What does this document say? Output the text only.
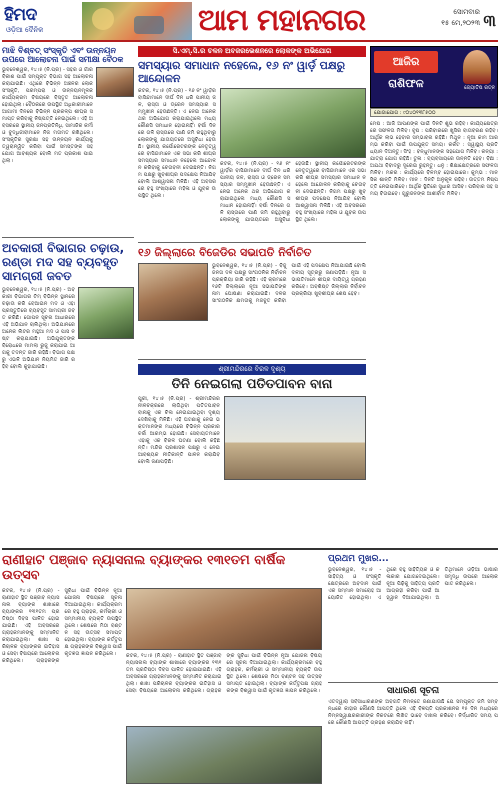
ହିମଦ
ଓଡ଼ିଆ ଦୈନିକ	ଆମ ମହାନଗର	ସୋମବାର
୧୫ ମେ,୨୦୨୩ ୩
ମାଝି ବିଶ୍ବତ୍ ସଂସ୍କୃତି ଏବଂ ଉନ୍ନୟନ ଉପରେ ଆଲୋଚନା ପାଇଁ ସମୀକ୍ଷା ବୈଠକ
ଭୁବନେଶ୍ୱର, ୧୪।୫ (ନି.ପ୍ର) - ସହର ଓ ଗାଁର ବିକାଶ ପାଇଁ ସମ୍ପୃକ୍ତ ବିଭାଗ ସହ ଆଲୋଚନା କରାଯାଇଛି। ଏଥିରେ ବିଭିନ୍ନ ଅଞ୍ଚଳର ଲୋକସଂସ୍କୃତି, ପରମ୍ପରା ଓ ଉନ୍ନୟନମୂଳକ କାର୍ଯ୍ୟକ୍ରମ ବିଷୟରେ ବିସ୍ତୃତ ଆଲୋଚନା ହୋଇଥିଲା। ବୈଠକରେ ଉପସ୍ଥିତ ଅଧିକାରୀମାନେ ଆଗାମୀ ଦିନରେ ବିଭିନ୍ନ ପ୍ରକଳ୍ପ ଶୀଘ୍ର ସମାପ୍ତ କରିବାକୁ ନିଷ୍ପତ୍ତି ନେଇଥିଲେ। ଏହି ଅବସରରେ ସ୍ଥାନୀୟ ଜନପ୍ରତିନିଧି, ସାମାଜିକ କର୍ମୀ ଓ ବୁଦ୍ଧିଜୀବୀମାନେ ନିଜ ମତାମତ ରଖିଥିଲେ। ସଂସ୍କୃତିର ସୁରକ୍ଷା ସହ ଉନ୍ନୟନ କାର୍ଯ୍ୟକୁ ତ୍ୱରାନ୍ୱିତ କରିବା ପାଇଁ ସମସ୍ତଙ୍କ ସହଯୋଗ ଆବଶ୍ୟକ ବୋଲି ମତ ପ୍ରକାଶ ପାଇଥିଲା।
ଅବକାରୀ ବିଭାଗର ଚଢ଼ାଉ, ରଣ୍ଡା ମଦ ସହ ବ୍ୟବହୃତ ସାମଗ୍ରୀ ଜବତ
ଭୁବନେଶ୍ୱର, ୧୪।୫ (ନି.ପ୍ର) - ଅବକାରୀ ବିଭାଗର ଟିମ୍ ବିଭିନ୍ନ ସ୍ଥାନରେ ଚଢ଼ାଉ କରି ବେଆଇନ ମଦ ଓ ଏହା ପ୍ରସ୍ତୁତିରେ ବ୍ୟବହୃତ ସାମଗ୍ରୀ ଜବତ କରିଛି। ଗୋପନ ସୂଚନା ଆଧାରରେ ଏହି ଅଭିଯାନ ଚାଲିଥିଲା। ଅଭିଯାନରେ ଅନେକ ଲିଟର ମହୁଆ ମଦ ଓ ପାସ ନଷ୍ଟ କରାଯାଇଛି। ଅଭିଯୁକ୍ତଙ୍କ ବିରୋଧରେ ମାମଲା ରୁଜୁ କରାଯାଇ ଆଗକୁ ତଦନ୍ତ ଜାରି ରହିଛି। ବିଭାଗ ପକ୍ଷରୁ ଏଭଳି ଅଭିଯାନ ନିୟମିତ ଜାରି ରହିବ ବୋଲି କୁହାଯାଇଛି।
ସି.ଏମ୍.ସି.ର ଚଳନ ଅବଜରଭେଶନରେ ଲୋକଙ୍କ ଅଭିଯୋଗ
ସମସ୍ୟାର ସମାଧାନ ନହେଲେ, ୧୬ ନଂ ୱାର୍ଡ଼ ପକ୍ଷରୁ ଆନ୍ଦୋଳନ
କଟକ, ୧୪।୫ (ନି.ପ୍ର) - ୧୬ ନଂ ୱାର୍ଡ଼ର ବାସିନ୍ଦାମାନେ ଦୀର୍ଘ ଦିନ ଧରି ପାନୀୟ ଜଳ, ରାସ୍ତା ଓ ଡ୍ରେନ ସମସ୍ୟାର ସମ୍ମୁଖୀନ ହେଉଛନ୍ତି। ଏ ନେଇ ଅନେକ ଥର ଅଭିଯୋଗ କରାଯାଇଥିଲେ ମଧ୍ୟ କୌଣସି ସମାଧାନ ହୋଇନାହିଁ। ବର୍ଷା ଦିନରେ ଗଳି ରାସ୍ତାରେ ପାଣି ଜମି ରହୁଥିବାରୁ ଲୋକଙ୍କୁ ଯାତାୟତରେ ଅସୁବିଧା ହେଉଛି। ସ୍ଥାନୀୟ କର୍ପୋରେଟରଙ୍କ ନେତୃତ୍ୱରେ ବାସିନ୍ଦାମାନେ ଏକ ସଭା କରି ଶୀଘ୍ର ସମସ୍ୟାର ସମାଧାନ ନହେଲେ ଆନ୍ଦୋଳନ କରିବାକୁ ଚେତାବନୀ ଦେଇଛନ୍ତି। ନିଗମ ପକ୍ଷରୁ ଖୁବଶୀଘ୍ର ପଦକ୍ଷେପ ନିଆଯିବ ବୋଲି ଆଶ୍ୱାସନା ମିଳିଛି। ଏହି ଅବସରରେ ବହୁ ସଂଖ୍ୟାରେ ମହିଳା ଓ ଯୁବକ ଉପସ୍ଥିତ ଥିଲେ।
କଟକ, ୧୪।୫ (ନି.ପ୍ର) - ୧୬ ନଂ ୱାର୍ଡ଼ର ବାସିନ୍ଦାମାନେ ଦୀର୍ଘ ଦିନ ଧରି ପାନୀୟ ଜଳ, ରାସ୍ତା ଓ ଡ୍ରେନ ସମସ୍ୟାର ସମ୍ମୁଖୀନ ହେଉଛନ୍ତି। ଏ ନେଇ ଅନେକ ଥର ଅଭିଯୋଗ କରାଯାଇଥିଲେ ମଧ୍ୟ କୌଣସି ସମାଧାନ ହୋଇନାହିଁ। ବର୍ଷା ଦିନରେ ଗଳି ରାସ୍ତାରେ ପାଣି ଜମି ରହୁଥିବାରୁ ଲୋକଙ୍କୁ ଯାତାୟତରେ ଅସୁବିଧା ହେଉଛି। ସ୍ଥାନୀୟ କର୍ପୋରେଟରଙ୍କ ନେତୃତ୍ୱରେ ବାସିନ୍ଦାମାନେ ଏକ ସଭା କରି ଶୀଘ୍ର ସମସ୍ୟାର ସମାଧାନ ନହେଲେ ଆନ୍ଦୋଳନ କରିବାକୁ ଚେତାବନୀ ଦେଇଛନ୍ତି। ନିଗମ ପକ୍ଷରୁ ଖୁବଶୀଘ୍ର ପଦକ୍ଷେପ ନିଆଯିବ ବୋଲି ଆଶ୍ୱାସନା ମିଳିଛି। ଏହି ଅବସରରେ ବହୁ ସଂଖ୍ୟାରେ ମହିଳା ଓ ଯୁବକ ଉପସ୍ଥିତ ଥିଲେ।
୧୬ ଜିଲ୍ଲାରେ ବିଜେଡିର ସଭାପତି ନିର୍ବାଚିତ
ଭୁବନେଶ୍ୱର, ୧୪।୫ (ନି.ପ୍ର) - ବିଜୁ ଜନତା ଦଳ ପକ୍ଷରୁ ସାଂଗଠନିକ ନିର୍ବାଚନ ପ୍ରକ୍ରିୟା ଜାରି ରହିଛି। ଏହି କ୍ରମରେ ୧୬ଟି ଜିଲ୍ଲାରେ ନୂଆ ସଭାପତିଙ୍କ ନାମ ଘୋଷଣା କରାଯାଇଛି। ଦଳର ସାଂଗଠନିକ କ୍ଷମତାକୁ ମଜବୁତ କରିବା ପାଇଁ ଏହି ପଦକ୍ଷେପ ନିଆଯାଇଛି ବୋଲି ଦଳୀୟ ସୂତ୍ରରୁ ଜଣାପଡ଼ିଛି। ନୂଆ ସଭାପତିମାନେ ଶୀଘ୍ର ଦାୟିତ୍ୱ ଗ୍ରହଣ କରିବେ। ଅବଶିଷ୍ଟ ଜିଲ୍ଲାର ନିର୍ବାଚନ ପ୍ରକ୍ରିୟା ଖୁବଶୀଘ୍ର ଶେଷ ହେବ।
ଶ୍ରୀମନ୍ଦିରରେ ବିରଳ ଦୃଶ୍ୟ
ତିନି ନେଇଗଲା ପତିତପାବନ ବାନା
ପୁରୀ, ୧୪।୫ (ନି.ପ୍ର) - ଶ୍ରୀମନ୍ଦିରର ନୀଳଚକ୍ରରେ ଲାଗିଥିବା ପତିତପାବନ ବାନାକୁ ଏକ ଚିଲ ନେଇଯାଇଥିବା ଦୃଶ୍ୟ ଦେଖିବାକୁ ମିଳିଛି। ଏହି ଘଟଣାକୁ ନେଇ ଭକ୍ତମାନଙ୍କ ମଧ୍ୟରେ ବିଭିନ୍ନ ପ୍ରକାର ଚର୍ଚ୍ଚା ଆରମ୍ଭ ହୋଇଛି। ସେବାୟତମାନେ ଏହାକୁ ଏକ ବିରଳ ଘଟଣା ବୋଲି କହିଛନ୍ତି। ମନ୍ଦିର ପ୍ରଶାସନ ପକ୍ଷରୁ ଏ ନେଇ ଆବଶ୍ୟକ ନୀତିକାନ୍ତି ପାଳନ କରାଯିବ ବୋଲି ଜଣାପଡ଼ିଛି।
ଆଜିର ରାଶିଫଳ	ଜ୍ୟୋତିଷ ରତ୍ନ
ଯୋଗାଯୋଗ : ୯୦୪୦୧୩୮୫୦୦
ମେଷ : ଆଜି ଆପଣଙ୍କ ପାଇଁ ଦିନଟି ଶୁଭ ରହିବ। କାର୍ଯ୍ୟକ୍ଷେତ୍ରରେ ସଫଳତା ମିଳିବ। ବୃଷ : ପରିବାରରେ ଖୁସିର ବାତାବରଣ ରହିବ। ଆର୍ଥିକ ଲାଭ ହେବାର ସମ୍ଭାବନା ରହିଛି। ମିଥୁନ : ନୂଆ କାମ ଆରମ୍ଭ କରିବା ପାଇଁ ଉପଯୁକ୍ତ ସମୟ। କର୍କଟ : ସ୍ୱାସ୍ଥ୍ୟ ପ୍ରତି ଧ୍ୟାନ ଦିଅନ୍ତୁ। ସିଂହ : ବନ୍ଧୁମାନଙ୍କ ସହଯୋଗ ମିଳିବ। କନ୍ୟା : ଯାତ୍ରା ଯୋଗ ରହିଛି। ତୁଳା : ବ୍ୟବସାୟରେ ଉନ୍ନତି ହେବ। ବିଛା : ଅଯଥା ବିବାଦରୁ ଦୂରେଇ ରୁହନ୍ତୁ। ଧନୁ : ଶିକ୍ଷାକ୍ଷେତ୍ରରେ ସଫଳତା ମିଳିବ। ମକର : କାର୍ଯ୍ୟରେ ବିଳମ୍ବ ହୋଇପାରେ। କୁମ୍ଭ : ମାନସିକ ଶାନ୍ତି ମିଳିବ। ମୀନ : ଦିନଟି ଅନୁକୂଳ ରହିବ। ଉତ୍ତମ ନିଷ୍ପତ୍ତି ନେଇପାରିବେ। ଆର୍ଥିକ ସ୍ଥିତିରେ ସୁଧାର ଆସିବ। ପରିବାର ସହ ସମୟ ବିତାଇବେ। ଗୁରୁଜନଙ୍କ ଆଶୀର୍ବାଦ ମିଳିବ।
ରାଣୀହାଟ ପଞ୍ଜାବ ନ୍ୟାସନାଲ ବ୍ୟାଙ୍କର ୧୩୧ତମ ବାର୍ଷିକ ଉତ୍ସବ
କଟକ, ୧୪।୫ (ନି.ପ୍ର) - ରାଣୀହାଟ ସ୍ଥିତ ପଞ୍ଜାବ ନ୍ୟାସନାଲ ବ୍ୟାଙ୍କ ଶାଖାରେ ବ୍ୟାଙ୍କର ୧୩୧ତମ ପ୍ରତିଷ୍ଠା ଦିବସ ପାଳିତ ହୋଇଯାଇଛି। ଏହି ଅବସରରେ ଗ୍ରାହକମାନଙ୍କୁ ସମ୍ମାନିତ କରାଯାଇଥିଲା। ଶାଖା ପରିଚାଳକ ବ୍ୟାଙ୍କର ଇତିହାସ ଓ ସେବା ବିଷୟରେ ଆଲୋଚନା କରିଥିଲେ। ଗ୍ରାହକଙ୍କ ସୁବିଧା ପାଇଁ ବିଭିନ୍ନ ନୂଆ ଯୋଜନା ବିଷୟରେ ସୂଚନା ଦିଆଯାଇଥିଲା। କାର୍ଯ୍ୟକ୍ରମରେ ବହୁ ଗ୍ରାହକ, କର୍ମଚାରୀ ଓ ସମ୍ମାନୀୟ ବ୍ୟକ୍ତି ଉପସ୍ଥିତ ଥିଲେ। ଶେଷରେ ମିଠା ବଣ୍ଟନ ସହ ଉତ୍ସବ ସମାପ୍ତ ହୋଇଥିଲା। ବ୍ୟାଙ୍କ କର୍ତ୍ତୃପକ୍ଷ ଗ୍ରାହକଙ୍କ ବିଶ୍ୱାସ ପାଇଁ କୃତଜ୍ଞତା ଜ୍ଞାପନ କରିଥିଲେ।	କଟକ, ୧୪।୫ (ନି.ପ୍ର) - ରାଣୀହାଟ ସ୍ଥିତ ପଞ୍ଜାବ ନ୍ୟାସନାଲ ବ୍ୟାଙ୍କ ଶାଖାରେ ବ୍ୟାଙ୍କର ୧୩୧ତମ ପ୍ରତିଷ୍ଠା ଦିବସ ପାଳିତ ହୋଇଯାଇଛି। ଏହି ଅବସରରେ ଗ୍ରାହକମାନଙ୍କୁ ସମ୍ମାନିତ କରାଯାଇଥିଲା। ଶାଖା ପରିଚାଳକ ବ୍ୟାଙ୍କର ଇତିହାସ ଓ ସେବା ବିଷୟରେ ଆଲୋଚନା କରିଥିଲେ। ଗ୍ରାହକଙ୍କ ସୁବିଧା ପାଇଁ ବିଭିନ୍ନ ନୂଆ ଯୋଜନା ବିଷୟରେ ସୂଚନା ଦିଆଯାଇଥିଲା। କାର୍ଯ୍ୟକ୍ରମରେ ବହୁ ଗ୍ରାହକ, କର୍ମଚାରୀ ଓ ସମ୍ମାନୀୟ ବ୍ୟକ୍ତି ଉପସ୍ଥିତ ଥିଲେ। ଶେଷରେ ମିଠା ବଣ୍ଟନ ସହ ଉତ୍ସବ ସମାପ୍ତ ହୋଇଥିଲା। ବ୍ୟାଙ୍କ କର୍ତ୍ତୃପକ୍ଷ ଗ୍ରାହକଙ୍କ ବିଶ୍ୱାସ ପାଇଁ କୃତଜ୍ଞତା ଜ୍ଞାପନ କରିଥିଲେ।
ପ୍ରଥମ ମୁଖର...
ଭୁବନେଶ୍ୱର, ୧୪।୫ - ସାହିତ୍ୟ ଓ ସଂସ୍କୃତି କ୍ଷେତ୍ରରେ ଅବଦାନ ପାଇଁ ଏକ ସମ୍ମାନ ସମାରୋହ ଆୟୋଜିତ ହୋଇଥିଲା। ଏଥିରେ ବହୁ ସାହିତ୍ୟିକ ଓ କଳାକାର ଯୋଗଦେଇଥିଲେ। ନୂଆ ପିଢ଼ିକୁ ସାହିତ୍ୟ ପ୍ରତି ଆଗ୍ରହୀ କରିବା ପାଇଁ ଆହ୍ୱାନ ଦିଆଯାଇଥିଲା। ଅତିଥିମାନେ ଓଡ଼ିଆ ଭାଷାର ସମୃଦ୍ଧି ଉପରେ ଆଲୋକପାତ କରିଥିଲେ।
ସାଧାରଣ ସୂଚନା
ଏତଦ୍ୱାରା ସର୍ବସାଧାରଣଙ୍କ ଅବଗତି ନିମନ୍ତେ ଜଣାଯାଉଛି ଯେ ସମ୍ପୃକ୍ତ ଜମି ସମ୍ବନ୍ଧରେ କାହାର କୌଣସି ଆପତ୍ତି ଥିଲେ ଏହି ବିଜ୍ଞପ୍ତି ପ୍ରକାଶନର ୧୫ ଦିନ ମଧ୍ୟରେ ନିମ୍ନସ୍ୱାକ୍ଷରକାରୀଙ୍କ ନିକଟରେ ଲିଖିତ ଭାବେ ଦାଖଲ କରିବେ। ନିର୍ଦ୍ଧାରିତ ସମୟ ପରେ କୌଣସି ଆପତ୍ତି ଗ୍ରହଣ କରାଯିବ ନାହିଁ।
